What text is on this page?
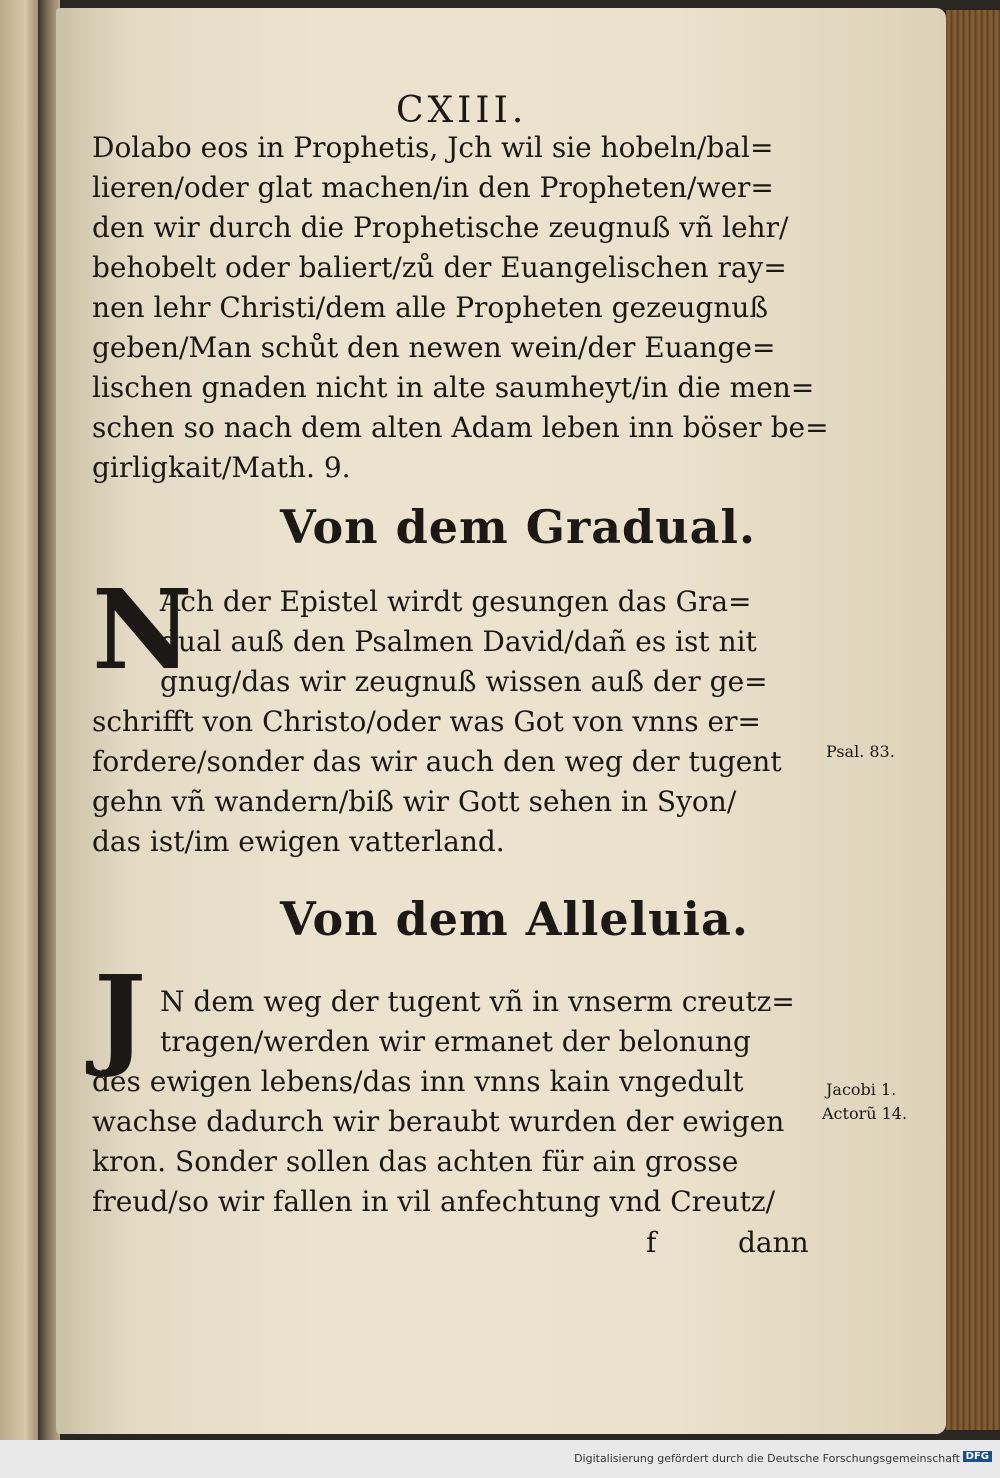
CXIII.
Dolabo eos in Prophetis, Jch wil sie hobeln/bal=
lieren/oder glat machen/in den Propheten/wer=
den wir durch die Prophetische zeugnuß vñ lehr/
behobelt oder baliert/zů der Euangelischen ray=
nen lehr Christi/dem alle Propheten gezeugnuß
geben/Man schůt den newen wein/der Euange=
lischen gnaden nicht in alte saumheyt/in die men=
schen so nach dem alten Adam leben inn böser be=
girligkait/Math. 9.
Von dem Gradual.
N
Ach der Epistel wirdt gesungen das Gra=
dual auß den Psalmen David/dañ es ist nit
gnug/das wir zeugnuß wissen auß der ge=
schrifft von Christo/oder was Got von vnns er=
fordere/sonder das wir auch den weg der tugent
gehn vñ wandern/biß wir Gott sehen in Syon/
das ist/im ewigen vatterland.
Psal. 83.
Von dem Alleluia.
J N dem weg der tugent vñ in vnserm creutz=
tragen/werden wir ermanet der belonung
des ewigen lebens/das inn vnns kain vngedult
wachse dadurch wir beraubt wurden der ewigen
kron. Sonder sollen das achten für ain grosse
freud/so wir fallen in vil anfechtung vnd Creutz/
Jacobi 1.
Actorũ 14.
f	dann
Digitalisierung gefördert durch die Deutsche Forschungsgemeinschaft DFG
